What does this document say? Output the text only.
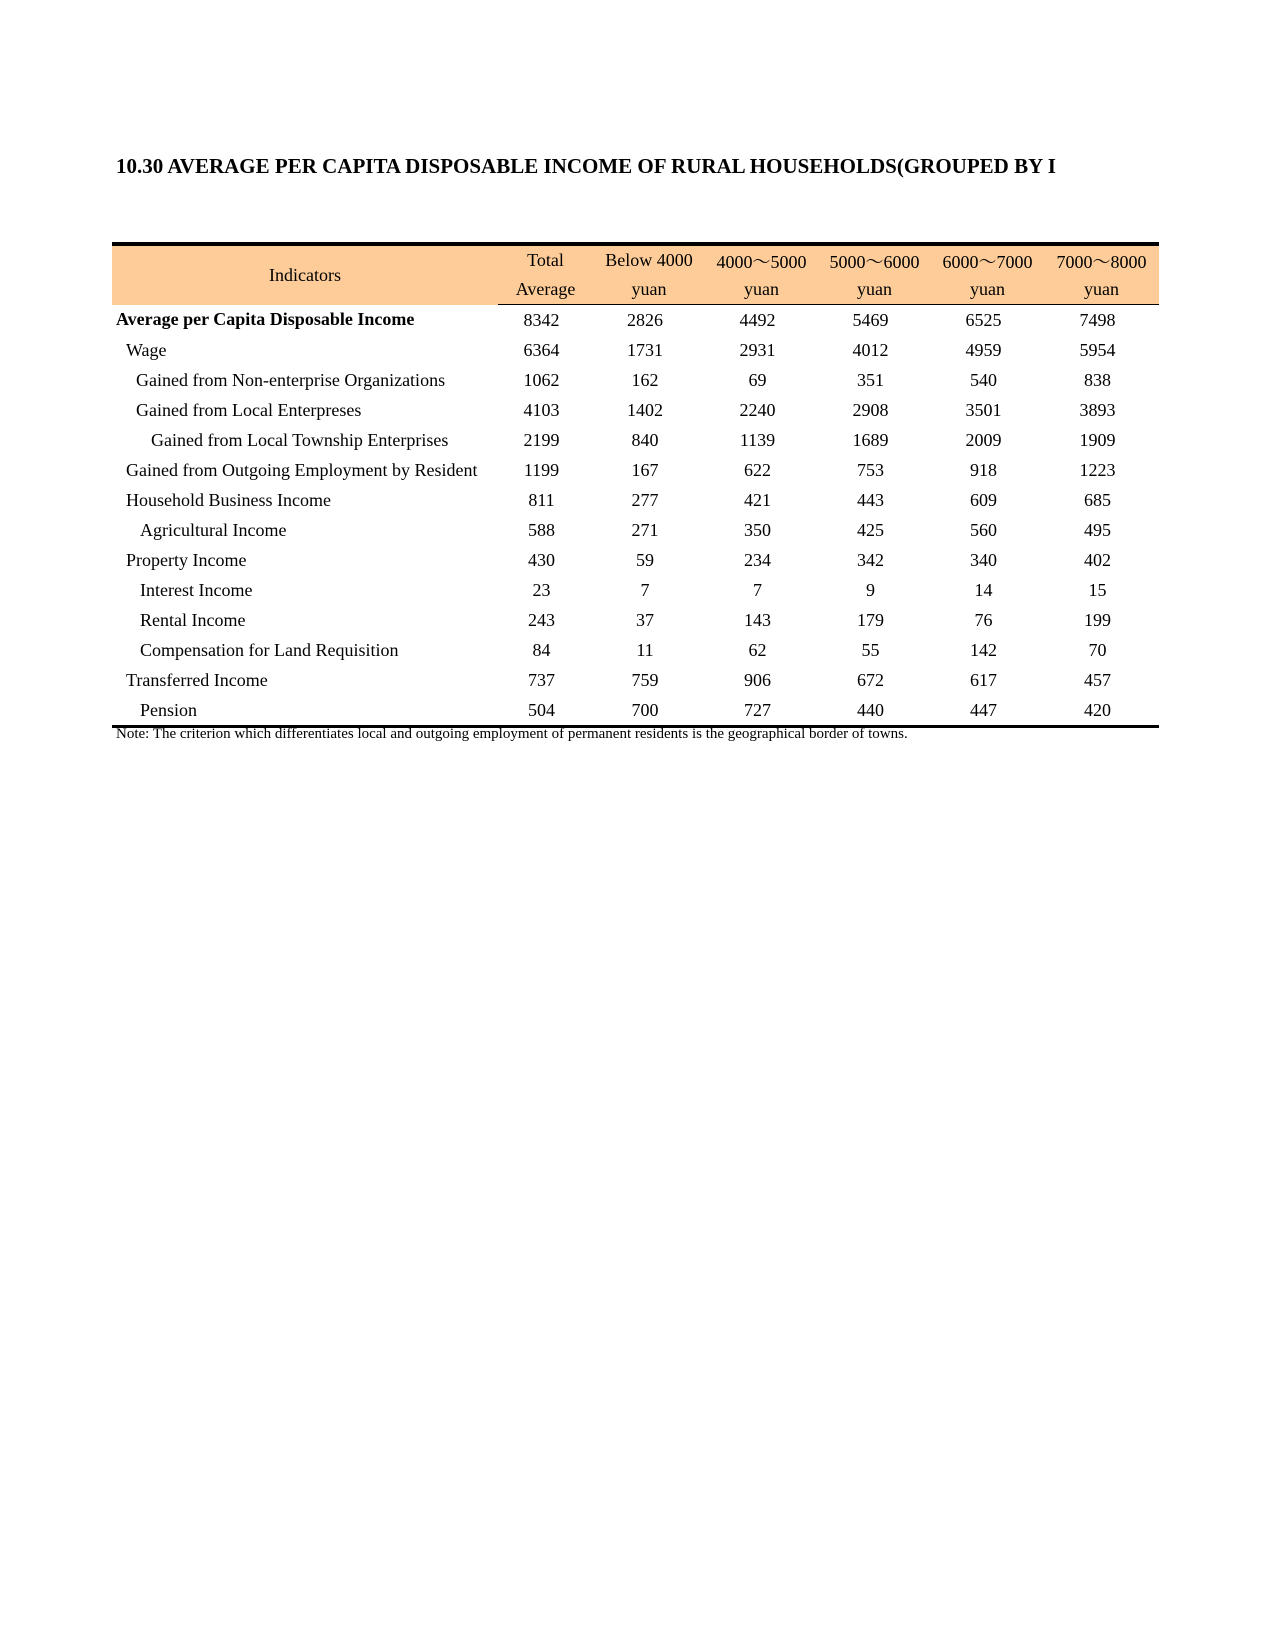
10.30 AVERAGE PER CAPITA DISPOSABLE INCOME OF RURAL HOUSEHOLDS(GROUPED BY I
Indicators	Total	Below 4000	4000～5000	5000～6000	6000～7000	7000～8000
	Average	yuan	yuan	yuan	yuan	yuan
Average per Capita Disposable Income	8342	2826	4492	5469	6525	7498
Wage	6364	1731	2931	4012	4959	5954
Gained from Non-enterprise Organizations	1062	162	69	351	540	838
Gained from Local Enterpreses	4103	1402	2240	2908	3501	3893
Gained from Local Township Enterprises	2199	840	1139	1689	2009	1909
Gained from Outgoing Employment by Resident	1199	167	622	753	918	1223
Household Business Income	811	277	421	443	609	685
Agricultural Income	588	271	350	425	560	495
Property Income	430	59	234	342	340	402
Interest Income	23	7	7	9	14	15
Rental Income	243	37	143	179	76	199
Compensation for Land Requisition	84	11	62	55	142	70
Transferred Income	737	759	906	672	617	457
Pension	504	700	727	440	447	420
Note: The criterion which differentiates local and outgoing employment of permanent residents is the geographical border of towns.
